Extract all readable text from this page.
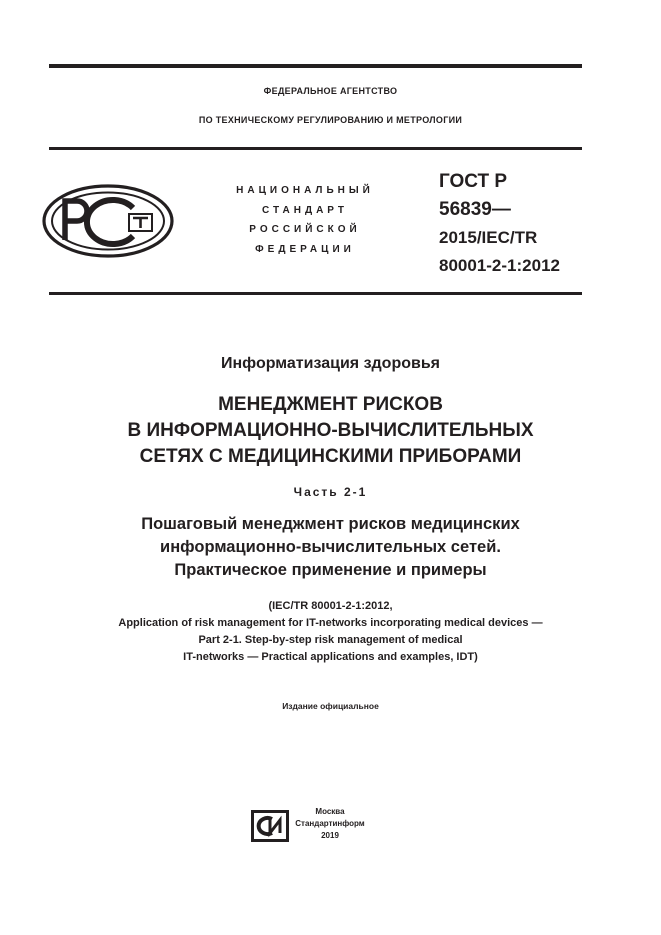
ФЕДЕРАЛЬНОЕ АГЕНТСТВО
ПО ТЕХНИЧЕСКОМУ РЕГУЛИРОВАНИЮ И МЕТРОЛОГИИ
НАЦИОНАЛЬНЫЙ
СТАНДАРТ
РОССИЙСКОЙ
ФЕДЕРАЦИИ
ГОСТ Р
56839—
2015/IEC/TR
80001-2-1:2012
Информатизация здоровья
МЕНЕДЖМЕНТ РИСКОВ
В ИНФОРМАЦИОННО-ВЫЧИСЛИТЕЛЬНЫХ
СЕТЯХ С МЕДИЦИНСКИМИ ПРИБОРАМИ
Часть 2-1
Пошаговый менеджмент рисков медицинских
информационно-вычислительных сетей.
Практическое применение и примеры
(IEC/TR 80001-2-1:2012,
Application of risk management for IT-networks incorporating medical devices —
Part 2-1. Step-by-step risk management of medical
IT-networks — Practical applications and examples, IDT)
Издание официальное
Москва
Стандартинформ
2019
